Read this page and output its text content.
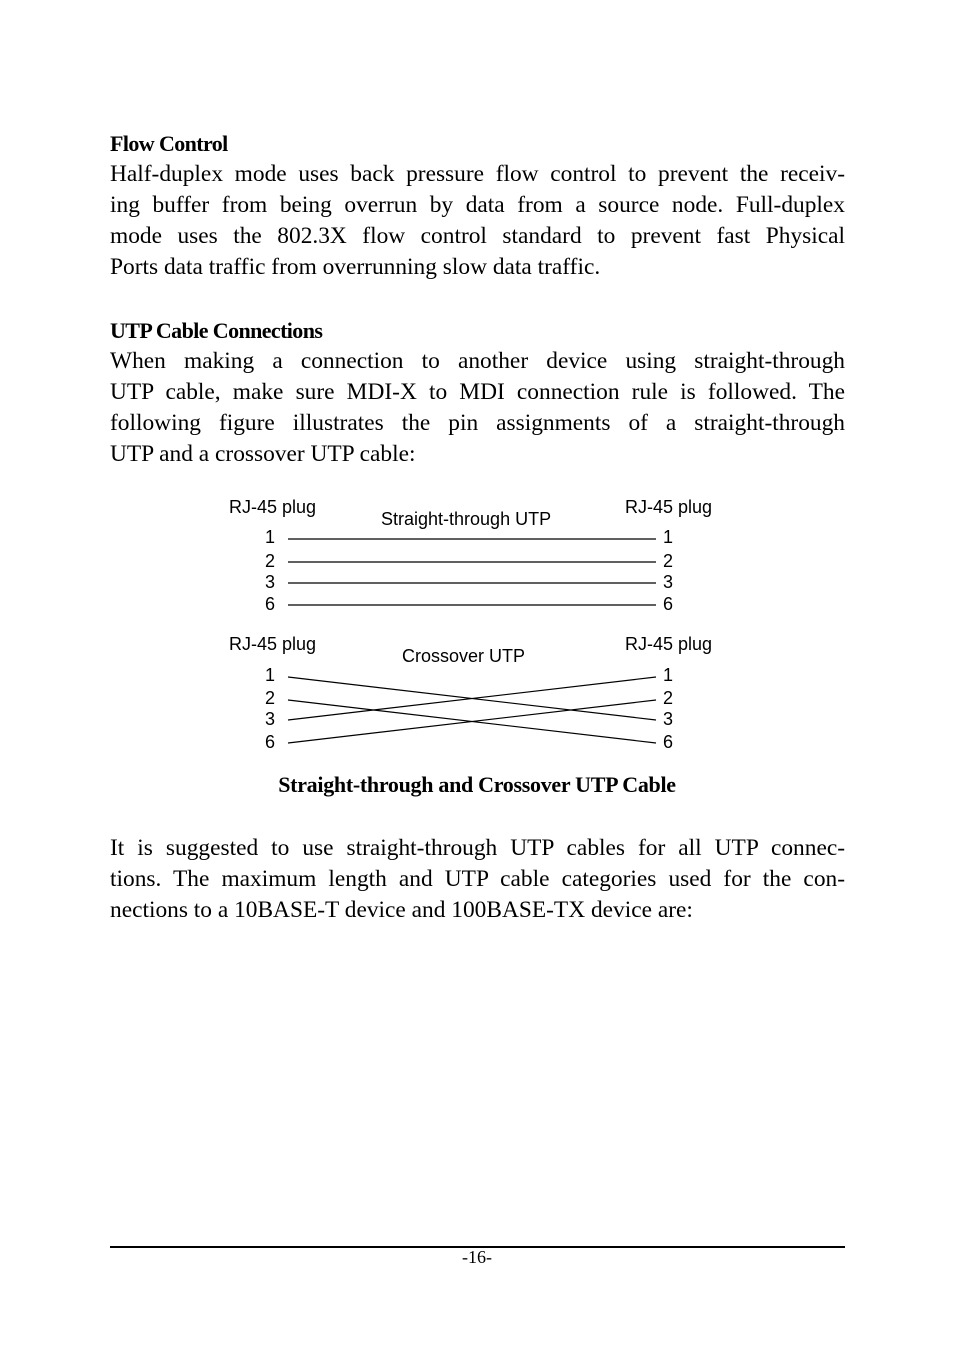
Flow Control
Half-duplex mode uses back pressure flow control to prevent the receiv-
ing buffer from being overrun by data from a source node. Full-duplex
mode uses the 802.3X flow control standard to prevent fast Physical
Ports data traffic from overrunning slow data traffic.
UTP Cable Connections
When making a connection to another device using straight-through
UTP cable, make sure MDI-X to MDI connection rule is followed. The
following figure illustrates the pin assignments of a straight-through
UTP and a crossover UTP cable:
RJ-45 plug	RJ-45 plug
Straight-through UTP
1
2
3
6
1
2
3
6
RJ-45 plug	RJ-45 plug
Crossover UTP
1
2
3
6
1
2
3
6
Straight-through and Crossover UTP Cable
It is suggested to use straight-through UTP cables for all UTP connec-
tions. The maximum length and UTP cable categories used for the con-
nections to a 10BASE-T device and 100BASE-TX device are:
-16-
